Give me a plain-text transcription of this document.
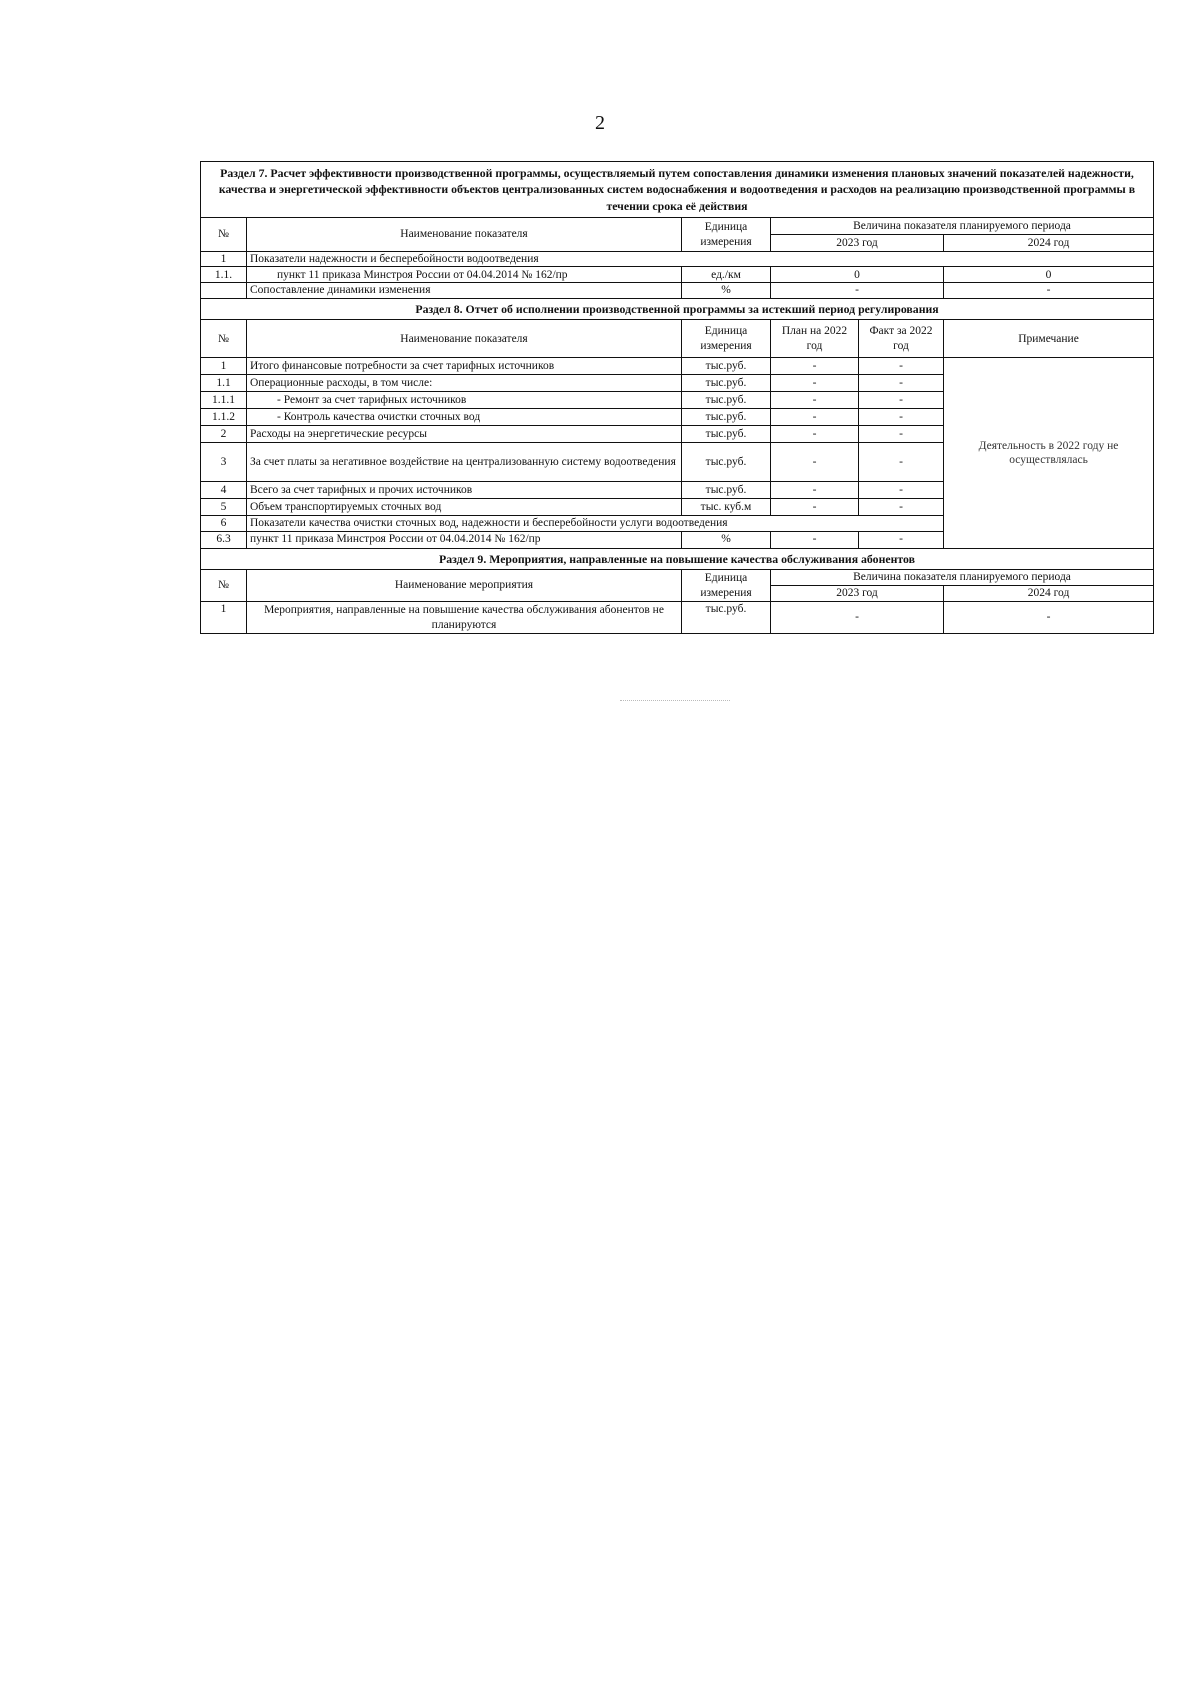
2
Раздел 7. Расчет эффективности производственной программы, осуществляемый путем сопоставления динамики изменения плановых значений показателей надежности, качества и энергетической эффективности объектов централизованных систем водоснабжения и водоотведения и расходов на реализацию производственной программы в течении срока её действия					
№	Наименование показателя	Единица измерения	Величина показателя планируемого периода		
			2023 год		2024 год
1	Показатели надежности и бесперебойности водоотведения				
1.1.	пункт 11 приказа Минстроя России от 04.04.2014 № 162/пр	ед./км	0		0
	Сопоставление динамики изменения	%	-		-
Раздел 8. Отчет об исполнении производственной программы за истекший период регулирования					
№	Наименование показателя	Единица измерения	План на 2022 год	Факт за 2022 год	Примечание
1	Итого финансовые потребности за счет тарифных источников	тыс.руб.	-	-	Деятельность в 2022 году не осуществлялась
1.1	Операционные расходы, в том числе:	тыс.руб.	-	-	
1.1.1	- Ремонт за счет тарифных источников	тыс.руб.	-	-	
1.1.2	- Контроль качества очистки сточных вод	тыс.руб.	-	-	
2	Расходы на энергетические ресурсы	тыс.руб.	-	-	
3	За счет платы за негативное воздействие на централизованную систему водоотведения	тыс.руб.	-	-	
4	Всего за счет тарифных и прочих источников	тыс.руб.	-	-	
5	Объем транспортируемых сточных вод	тыс. куб.м	-	-	
6	Показатели качества очистки сточных вод, надежности и бесперебойности услуги водоотведения				
6.3	пункт 11 приказа Минстроя России от 04.04.2014 № 162/пр	%	-	-	
Раздел 9. Мероприятия, направленные на повышение качества обслуживания абонентов					
№	Наименование мероприятия	Единица измерения	Величина показателя планируемого периода		
			2023 год		2024 год
1	Мероприятия, направленные на повышение качества обслуживания абонентов не планируются	тыс.руб.	-		-
